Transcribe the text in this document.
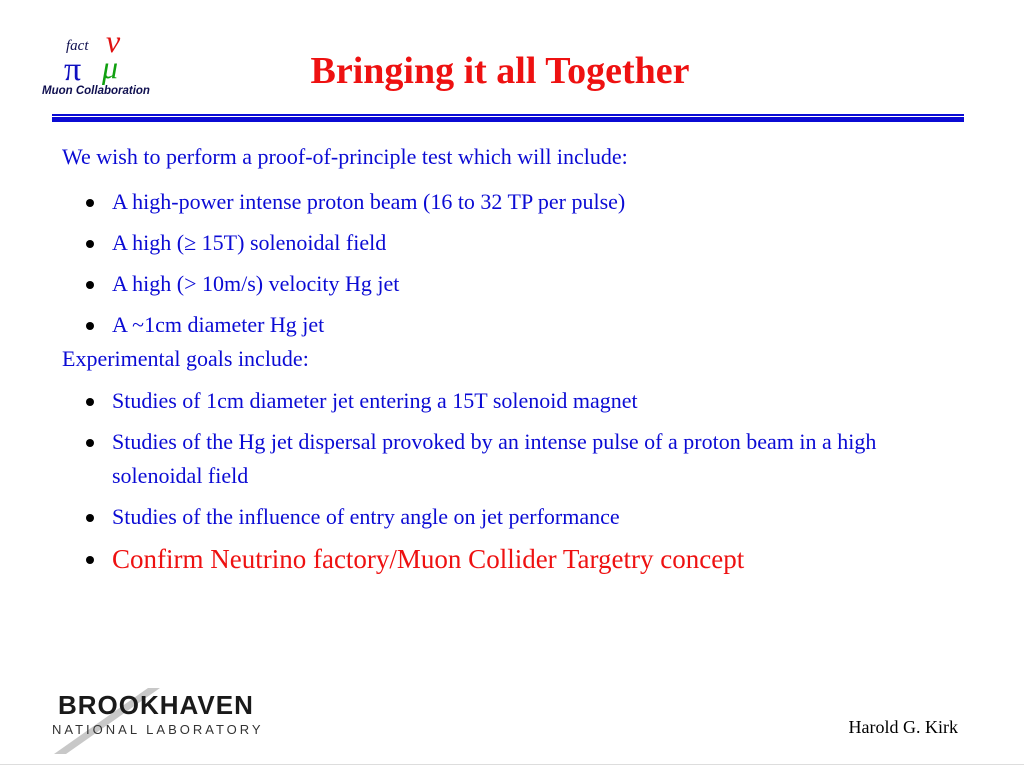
ν
fact
π μ
Muon Collaboration	Bringing it all Together
We wish to perform a proof-of-principle test which will include:
A high-power intense proton beam (16 to 32 TP per pulse)
A high (≥ 15T) solenoidal field
A high (> 10m/s) velocity Hg jet
A ~1cm diameter Hg jet
Experimental goals include:
Studies of 1cm diameter jet entering a 15T solenoid magnet
Studies of the Hg jet dispersal provoked by an intense pulse of a proton beam in a high solenoidal field
Studies of the influence of entry angle on jet performance
Confirm Neutrino factory/Muon Collider Targetry concept
BROOKHAVEN
NATIONAL LABORATORY	Harold G. Kirk
